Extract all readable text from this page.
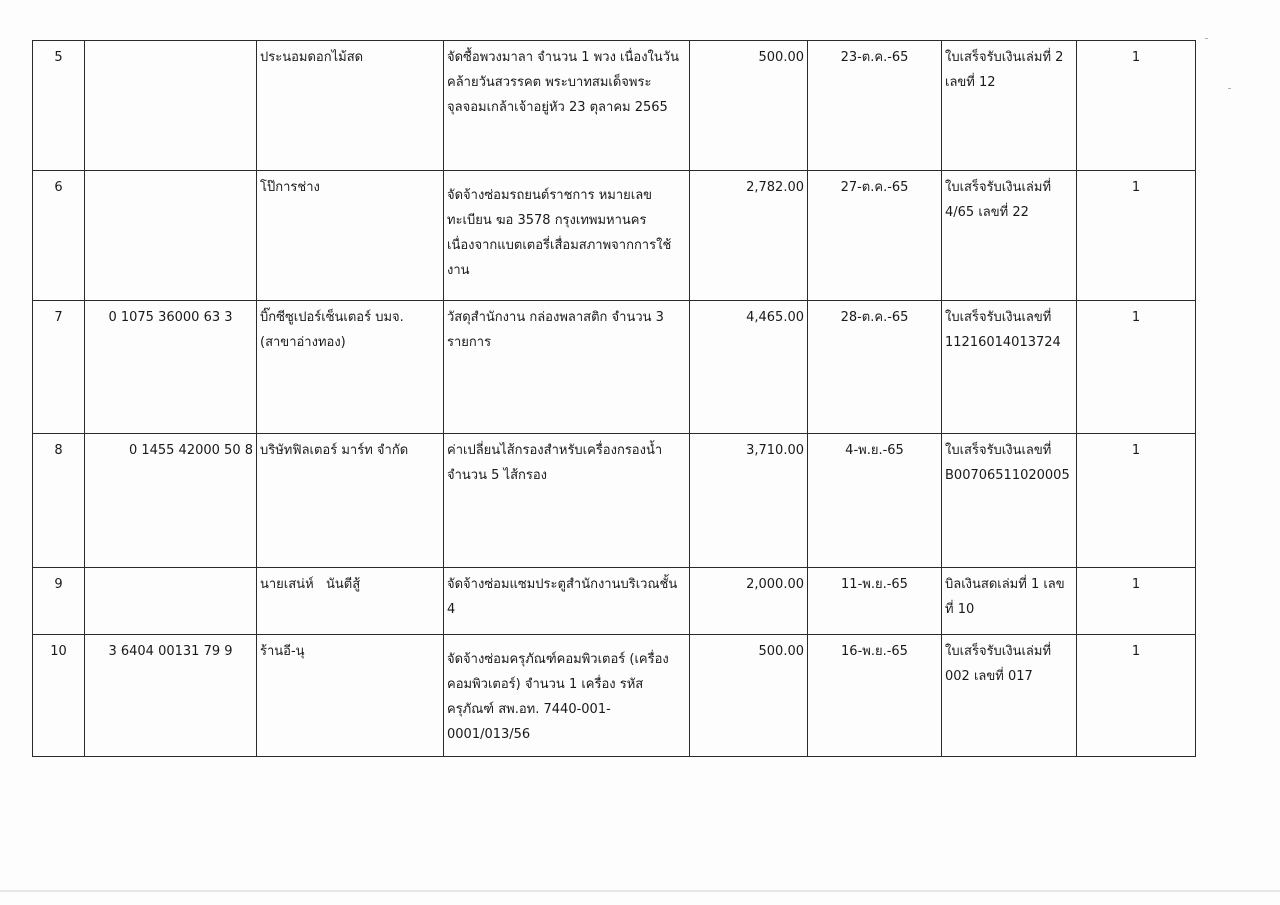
5		ประนอมดอกไม้สด	จัดซื้อพวงมาลา จำนวน 1 พวง เนื่องในวันคล้ายวันสวรรคต พระบาทสมเด็จพระจุลจอมเกล้าเจ้าอยู่หัว 23 ตุลาคม 2565	500.00	23-ต.ค.-65	ใบเสร็จรับเงินเล่มที่ 2 เลขที่ 12	1
6		โป๊การช่าง	จัดจ้างซ่อมรถยนต์ราชการ หมายเลขทะเบียน ฆอ 3578 กรุงเทพมหานคร เนื่องจากแบตเตอรี่เสื่อมสภาพจากการใช้งาน	2,782.00	27-ต.ค.-65	ใบเสร็จรับเงินเล่มที่ 4/65 เลขที่ 22	1
7	0 1075 36000 63 3	บิ๊กซีซูเปอร์เซ็นเตอร์ บมจ. (สาขาอ่างทอง)	วัสดุสำนักงาน กล่องพลาสติก จำนวน 3 รายการ	4,465.00	28-ต.ค.-65	ใบเสร็จรับเงินเลขที่ 11216014013724	1
8	0 1455 42000 50 8	บริษัทฟิลเตอร์ มาร์ท จำกัด	ค่าเปลี่ยนไส้กรองสำหรับเครื่องกรองน้ำ จำนวน 5 ไส้กรอง	3,710.00	4-พ.ย.-65	ใบเสร็จรับเงินเลขที่ B00706511020005	1
9		นายเสน่ห์   นันตีสู้	จัดจ้างซ่อมแซมประตูสำนักงานบริเวณชั้น 4	2,000.00	11-พ.ย.-65	บิลเงินสดเล่มที่ 1 เลขที่ 10	1
10	3 6404 00131 79 9	ร้านอี-นุ	จัดจ้างซ่อมครุภัณฑ์คอมพิวเตอร์ (เครื่องคอมพิวเตอร์) จำนวน 1 เครื่อง รหัสครุภัณฑ์ สพ.อท. 7440-001-0001/013/56	500.00	16-พ.ย.-65	ใบเสร็จรับเงินเล่มที่ 002 เลขที่ 017	1
